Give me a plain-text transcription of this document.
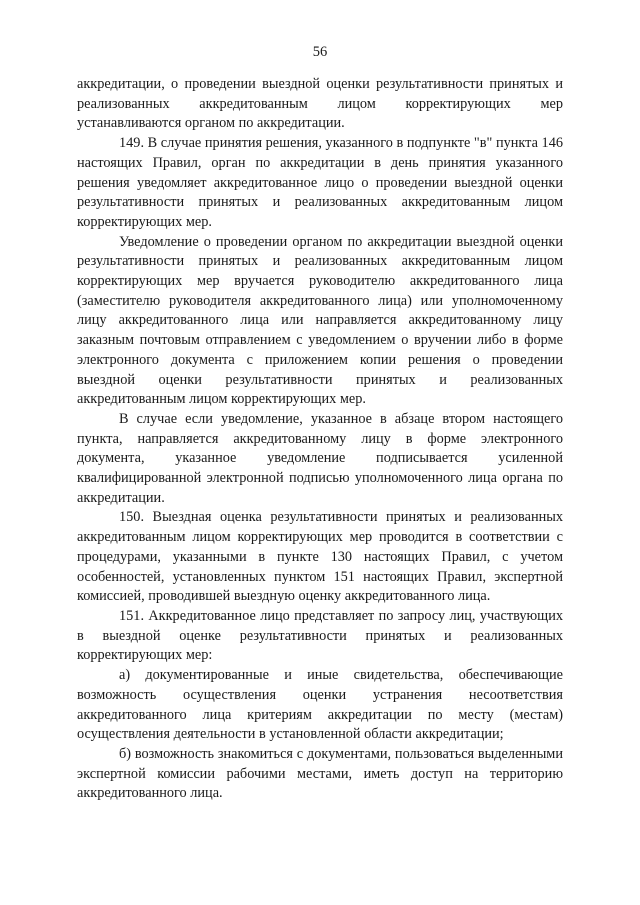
56

аккредитации, о проведении выездной оценки результативности принятых и реализованных аккредитованным лицом корректирующих мер устанавливаются органом по аккредитации.

149. В случае принятия решения, указанного в подпункте "в" пункта 146 настоящих Правил, орган по аккредитации в день принятия указанного решения уведомляет аккредитованное лицо о проведении выездной оценки результативности принятых и реализованных аккредитованным лицом корректирующих мер.

Уведомление о проведении органом по аккредитации выездной оценки результативности принятых и реализованных аккредитованным лицом корректирующих мер вручается руководителю аккредитованного лица (заместителю руководителя аккредитованного лица) или уполномоченному лицу аккредитованного лица или направляется аккредитованному лицу заказным почтовым отправлением с уведомлением о вручении либо в форме электронного документа с приложением копии решения о проведении выездной оценки результативности принятых и реализованных аккредитованным лицом корректирующих мер.

В случае если уведомление, указанное в абзаце втором настоящего пункта, направляется аккредитованному лицу в форме электронного документа, указанное уведомление подписывается усиленной квалифицированной электронной подписью уполномоченного лица органа по аккредитации.

150. Выездная оценка результативности принятых и реализованных аккредитованным лицом корректирующих мер проводится в соответствии с процедурами, указанными в пункте 130 настоящих Правил, с учетом особенностей, установленных пунктом 151 настоящих Правил, экспертной комиссией, проводившей выездную оценку аккредитованного лица.

151. Аккредитованное лицо представляет по запросу лиц, участвующих в выездной оценке результативности принятых и реализованных корректирующих мер:

а) документированные и иные свидетельства, обеспечивающие возможность осуществления оценки устранения несоответствия аккредитованного лица критериям аккредитации по месту (местам) осуществления деятельности в установленной области аккредитации;

б) возможность знакомиться с документами, пользоваться выделенными экспертной комиссии рабочими местами, иметь доступ на территорию аккредитованного лица.
